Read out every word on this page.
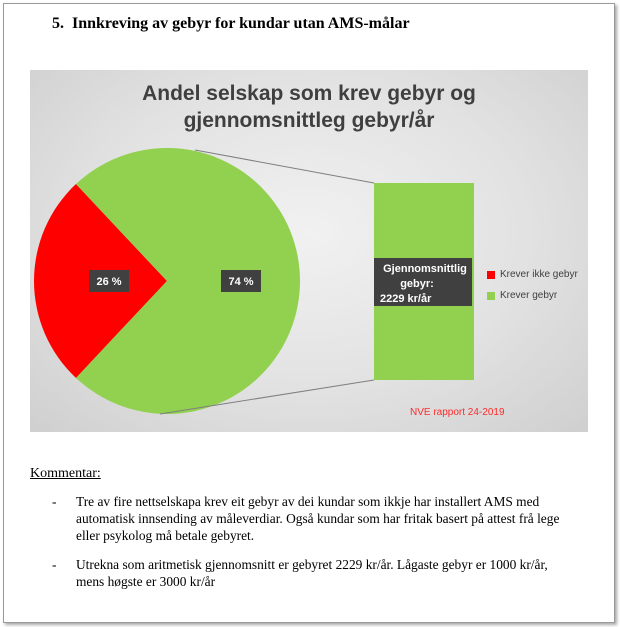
5. Innkreving av gebyr for kundar utan AMS-målar
Andel selskap som krev gebyr og
gjennomsnittleg gebyr/år
26 %	74 %
Gjennomsnittlig
gebyr:
2229 kr/år
Krever ikke gebyr
Krever gebyr
NVE rapport 24-2019
Kommentar:
-	Tre av fire nettselskapa krev eit gebyr av dei kundar som ikkje har installert AMS med automatisk innsending av måleverdiar. Også kundar som har fritak basert på attest frå lege eller psykolog må betale gebyret.
-	Utrekna som aritmetisk gjennomsnitt er gebyret 2229 kr/år. Lågaste gebyr er 1000 kr/år, mens høgste er 3000 kr/år
